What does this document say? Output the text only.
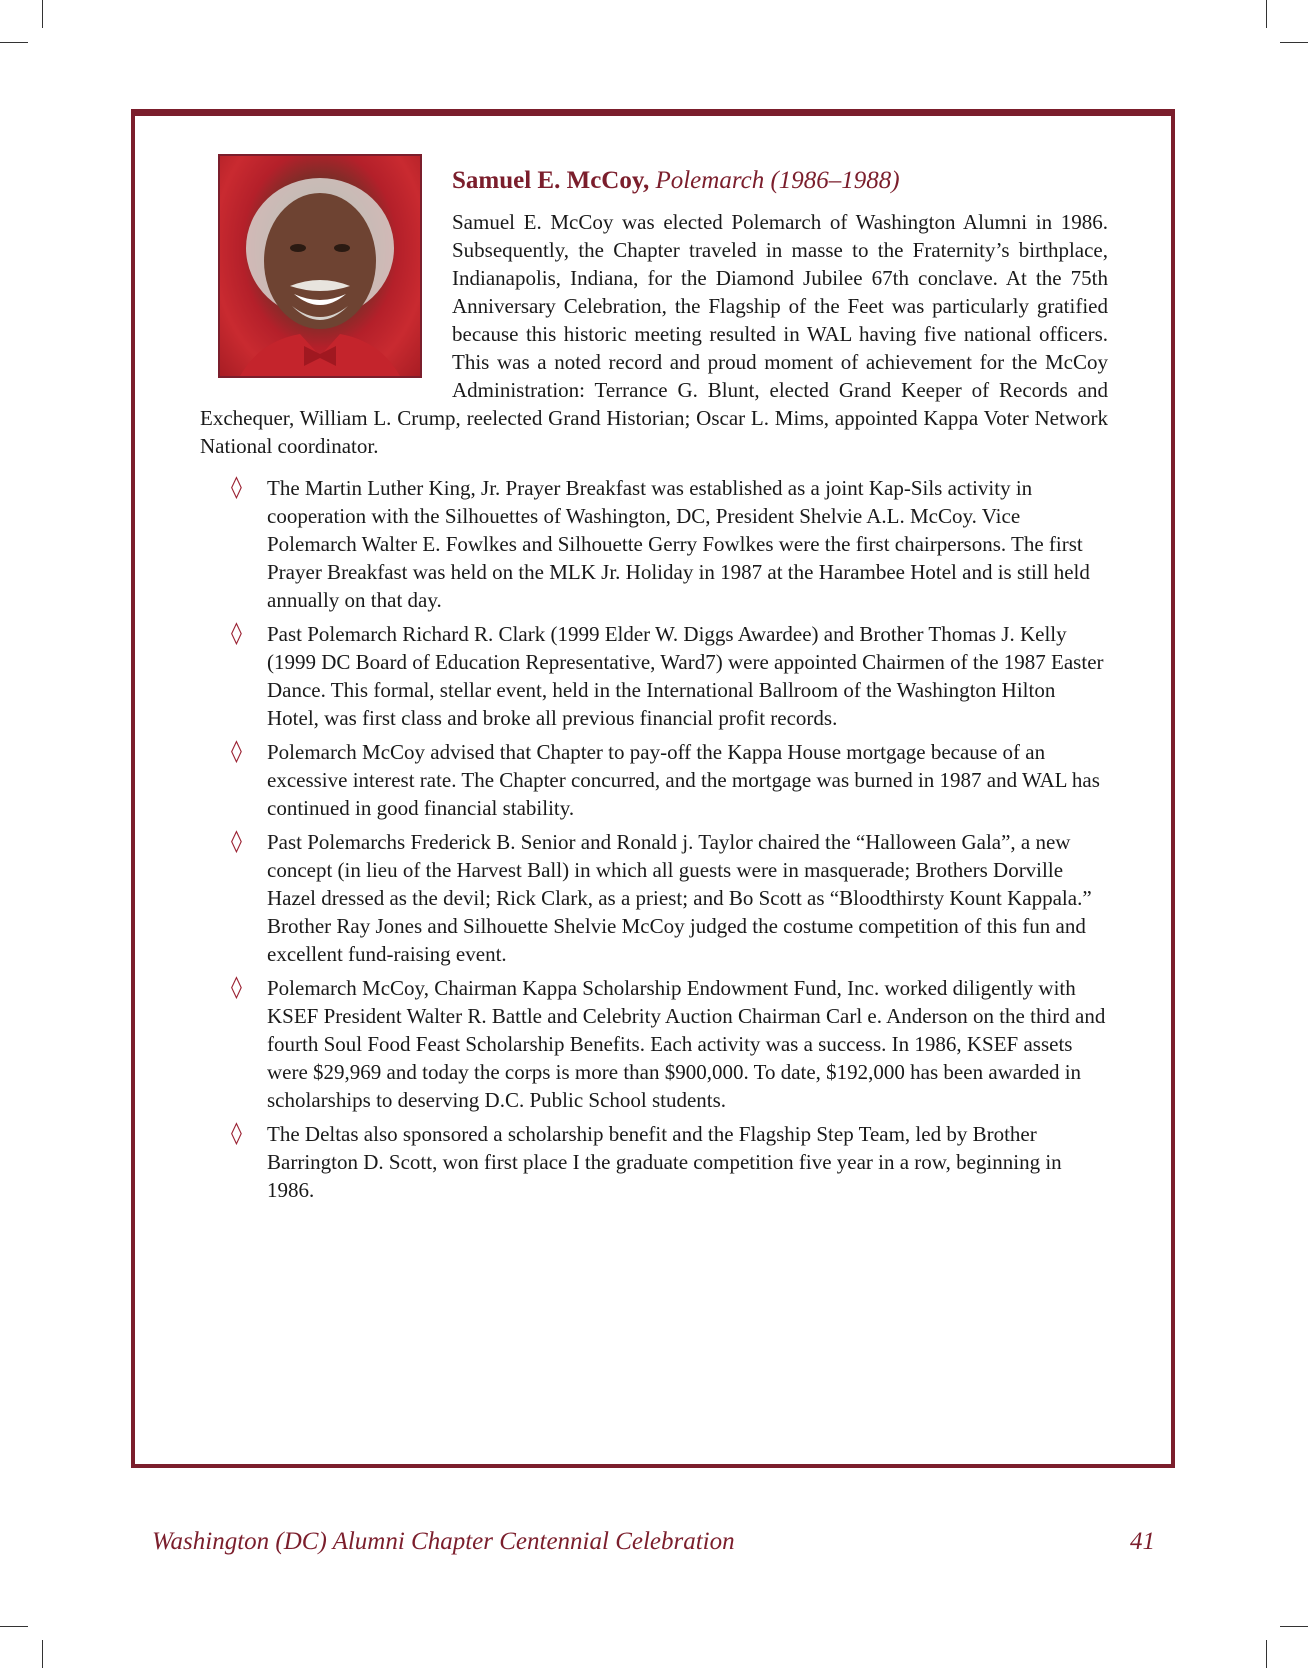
Samuel E. McCoy, Polemarch (1986–1988)

Samuel E. McCoy was elected Polemarch of Washington Alumni in 1986. Subsequently, the Chapter traveled in masse to the Fraternity’s birthplace, Indianapolis, Indiana, for the Diamond Jubilee 67th conclave. At the 75th Anniversary Celebration, the Flagship of the Feet was particularly gratified because this historic meeting resulted in WAL having five national officers. This was a noted record and proud moment of achievement for the McCoy Administration: Terrance G. Blunt, elected Grand Keeper of Records and Exchequer, William L. Crump, reelected Grand Historian; Oscar L. Mims, appointed Kappa Voter Network National coordinator.

◊ The Martin Luther King, Jr. Prayer Breakfast was established as a joint Kap-Sils activity in cooperation with the Silhouettes of Washington, DC, President Shelvie A.L. McCoy. Vice Polemarch Walter E. Fowlkes and Silhouette Gerry Fowlkes were the first chairpersons. The first Prayer Breakfast was held on the MLK Jr. Holiday in 1987 at the Harambee Hotel and is still held annually on that day.
◊ Past Polemarch Richard R. Clark (1999 Elder W. Diggs Awardee) and Brother Thomas J. Kelly (1999 DC Board of Education Representative, Ward7) were appointed Chairmen of the 1987 Easter Dance. This formal, stellar event, held in the International Ballroom of the Washington Hilton Hotel, was first class and broke all previous financial profit records.
◊ Polemarch McCoy advised that Chapter to pay-off the Kappa House mortgage because of an excessive interest rate. The Chapter concurred, and the mortgage was burned in 1987 and WAL has continued in good financial stability.
◊ Past Polemarchs Frederick B. Senior and Ronald j. Taylor chaired the “Halloween Gala”, a new concept (in lieu of the Harvest Ball) in which all guests were in masquerade; Brothers Dorville Hazel dressed as the devil; Rick Clark, as a priest; and Bo Scott as “Bloodthirsty Kount Kappala.” Brother Ray Jones and Silhouette Shelvie McCoy judged the costume competition of this fun and excellent fund-raising event.
◊ Polemarch McCoy, Chairman Kappa Scholarship Endowment Fund, Inc. worked diligently with KSEF President Walter R. Battle and Celebrity Auction Chairman Carl e. Anderson on the third and fourth Soul Food Feast Scholarship Benefits. Each activity was a success. In 1986, KSEF assets were $29,969 and today the corps is more than $900,000. To date, $192,000 has been awarded in scholarships to deserving D.C. Public School students.
◊ The Deltas also sponsored a scholarship benefit and the Flagship Step Team, led by Brother Barrington D. Scott, won first place I the graduate competition five year in a row, beginning in 1986.
Washington (DC) Alumni Chapter Centennial Celebration	41
